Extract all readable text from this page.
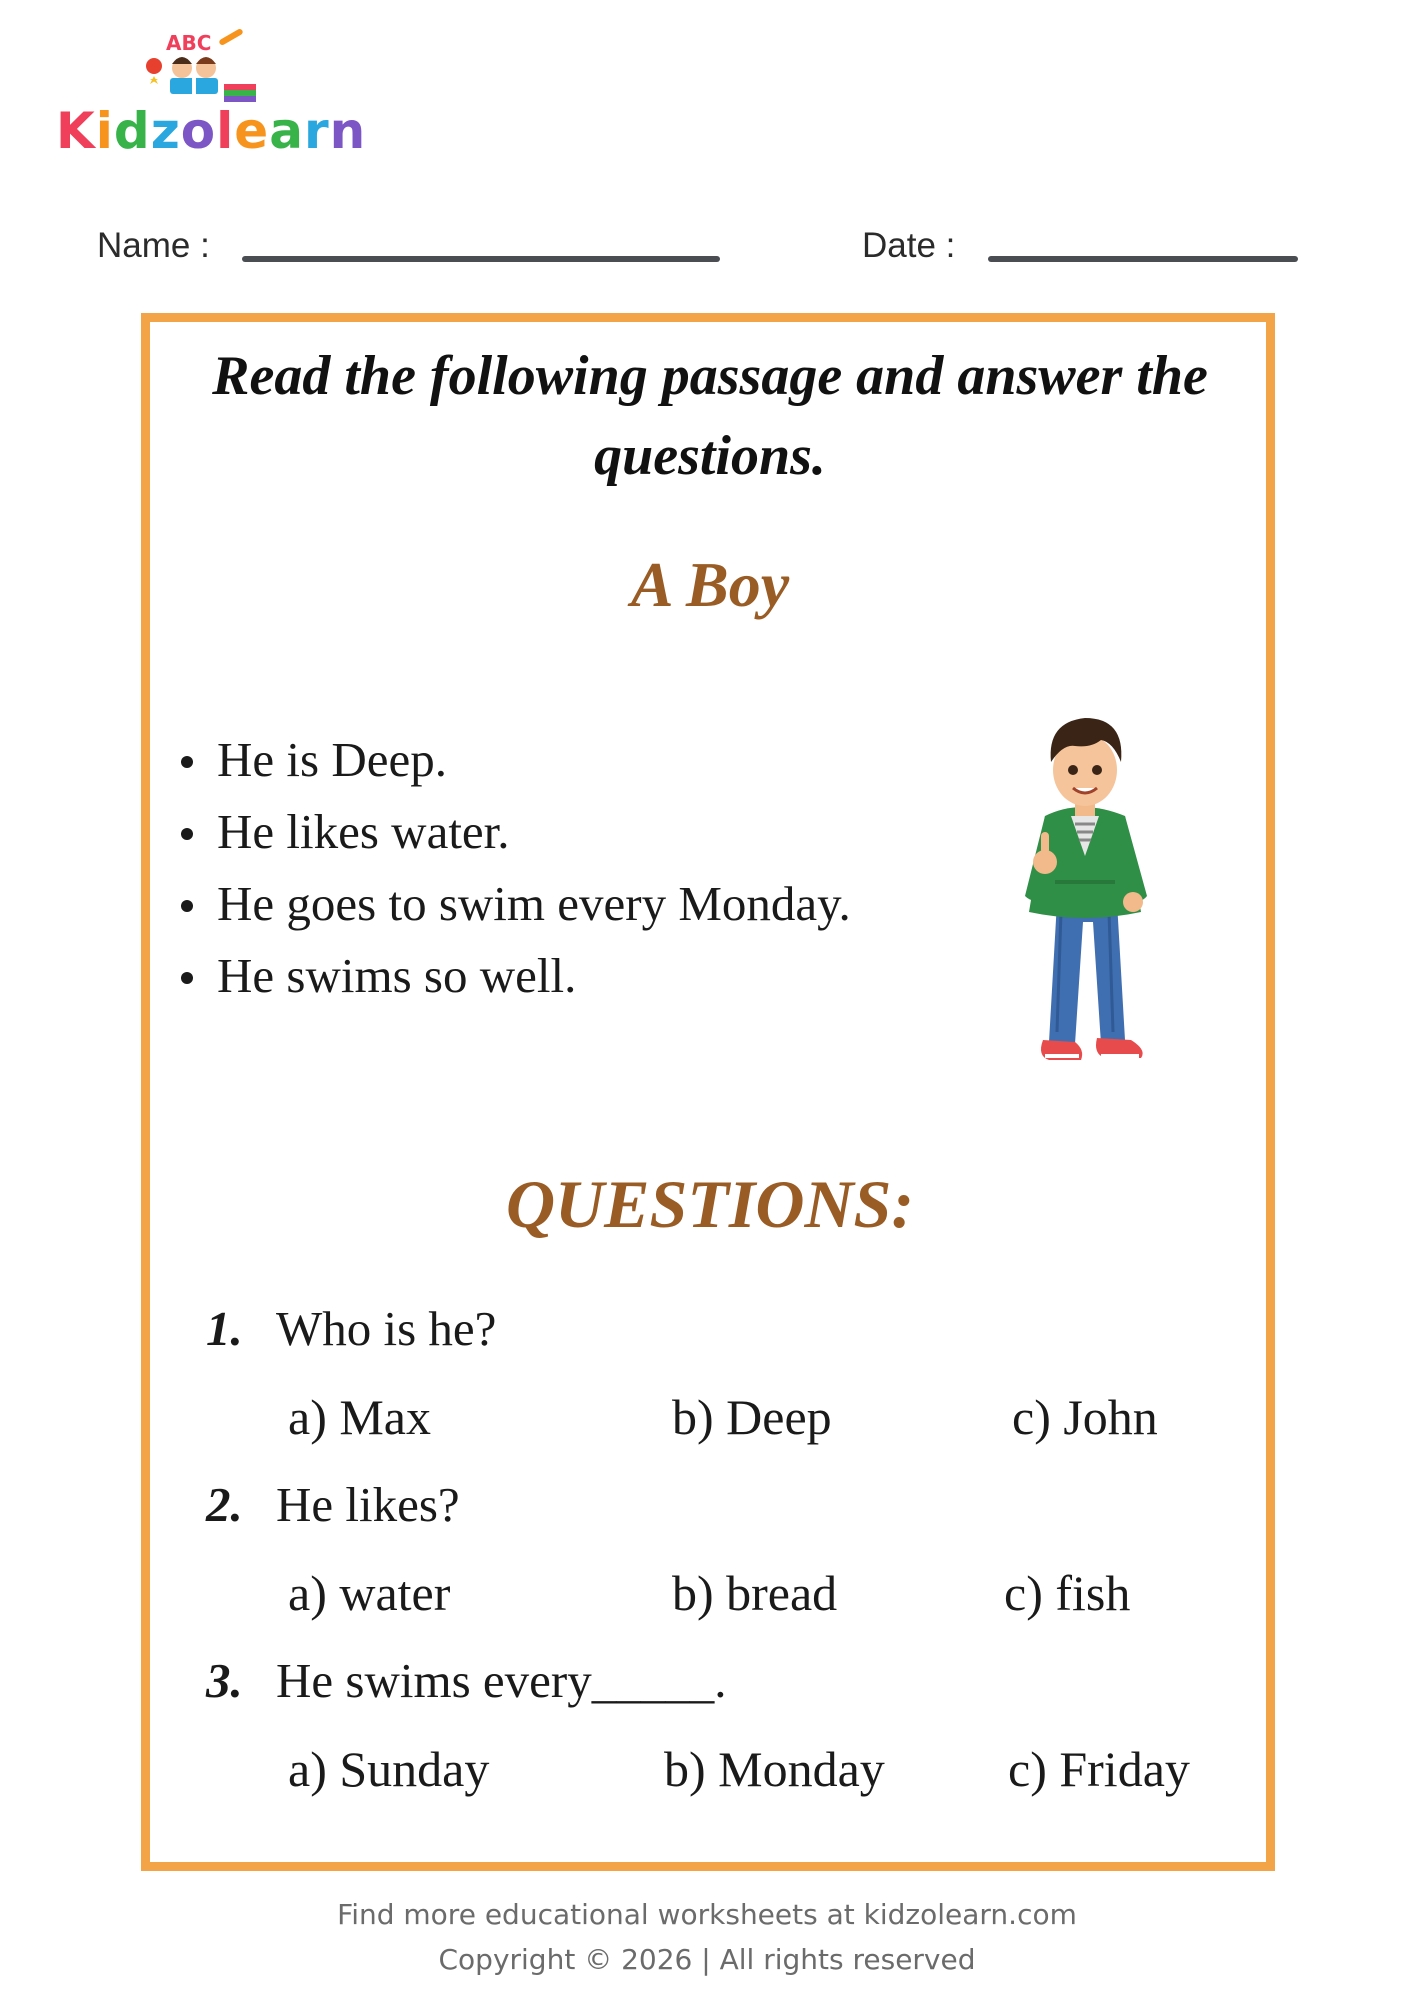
ABC
Kidzolearn
Name :	Date :
Read the following passage and answer the questions.
A Boy
He is Deep.
He likes water.
He goes to swim every Monday.
He swims so well.
QUESTIONS:
1. Who is he?
a) Max	b) Deep	c) John
2. He likes?
a) water	b) bread	c) fish
3. He swims every_____.
a) Sunday	b) Monday c) Friday
Find more educational worksheets at kidzolearn.com
Copyright © 2026 | All rights reserved
